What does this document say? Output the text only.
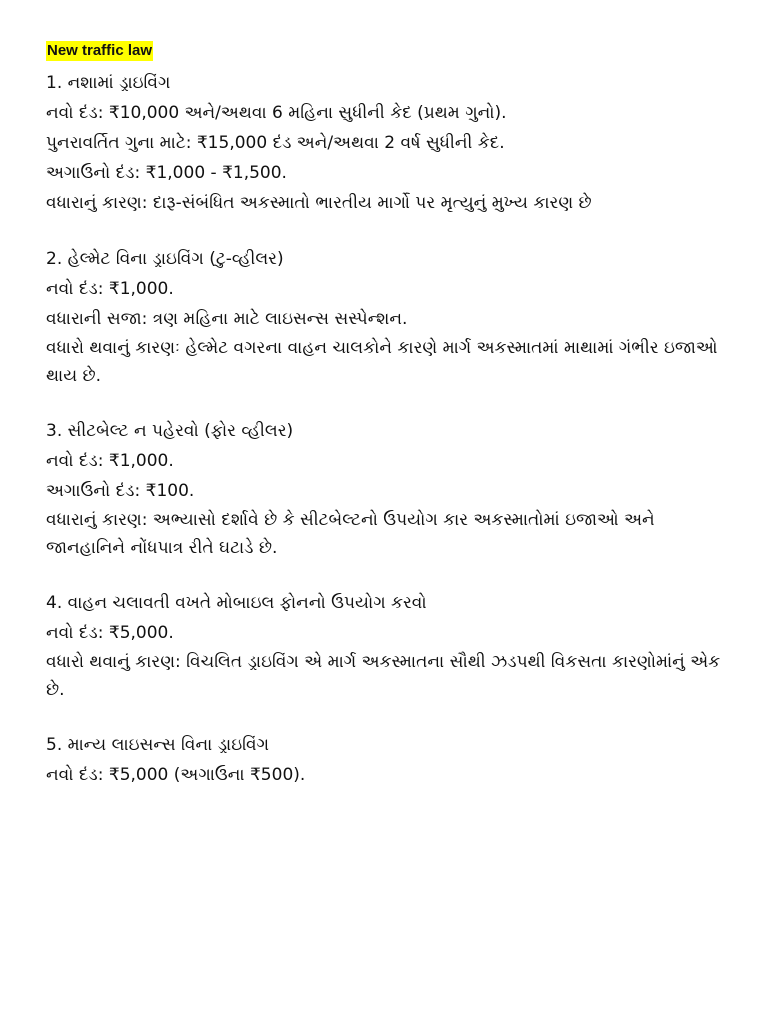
New traffic law
1. નશામાં ડ્રાઇવિંગ
નવો દંડ: ₹10,000 અને/અથવા 6 મહિના સુધીની કેદ (પ્રથમ ગુનો).
પુનરાવર્તિત ગુના માટે: ₹15,000 દંડ અને/અથવા 2 વર્ષ સુધીની કેદ.
અગાઉનો દંડ: ₹1,000 - ₹1,500.
વધારાનું કારણ: દારૂ-સંબંધિત અકસ્માતો ભારતીય માર્ગો પર મૃત્યુનું મુખ્ય કારણ છે
2. હેલ્મેટ વિના ડ્રાઇવિંગ (ટુ-વ્હીલર)
નવો દંડ: ₹1,000.
વધારાની સજા: ત્રણ મહિના માટે લાઇસન્સ સસ્પેન્શન.
વધારો થવાનું કારણઃ હેલ્મેટ વગરના વાહન ચાલકોને કારણે માર્ગ અકસ્માતમાં માથામાં ગંભીર ઇજાઓ થાય છે.
3. સીટબેલ્ટ ન પહેરવો (ફોર વ્હીલર)
નવો દંડ: ₹1,000.
અગાઉનો દંડ: ₹100.
વધારાનું કારણ: અભ્યાસો દર્શાવે છે કે સીટબેલ્ટનો ઉપયોગ કાર અકસ્માતોમાં ઇજાઓ અને જાનહાનિને નોંધપાત્ર રીતે ઘટાડે છે.
4. વાહન ચલાવતી વખતે મોબાઇલ ફોનનો ઉપયોગ કરવો
નવો દંડ: ₹5,000.
વધારો થવાનું કારણ: વિચલિત ડ્રાઇવિંગ એ માર્ગ અકસ્માતના સૌથી ઝડપથી વિકસતા કારણોમાંનું એક છે.
5. માન્ય લાઇસન્સ વિના ડ્રાઇવિંગ
નવો દંડ: ₹5,000 (અગાઉના ₹500).
